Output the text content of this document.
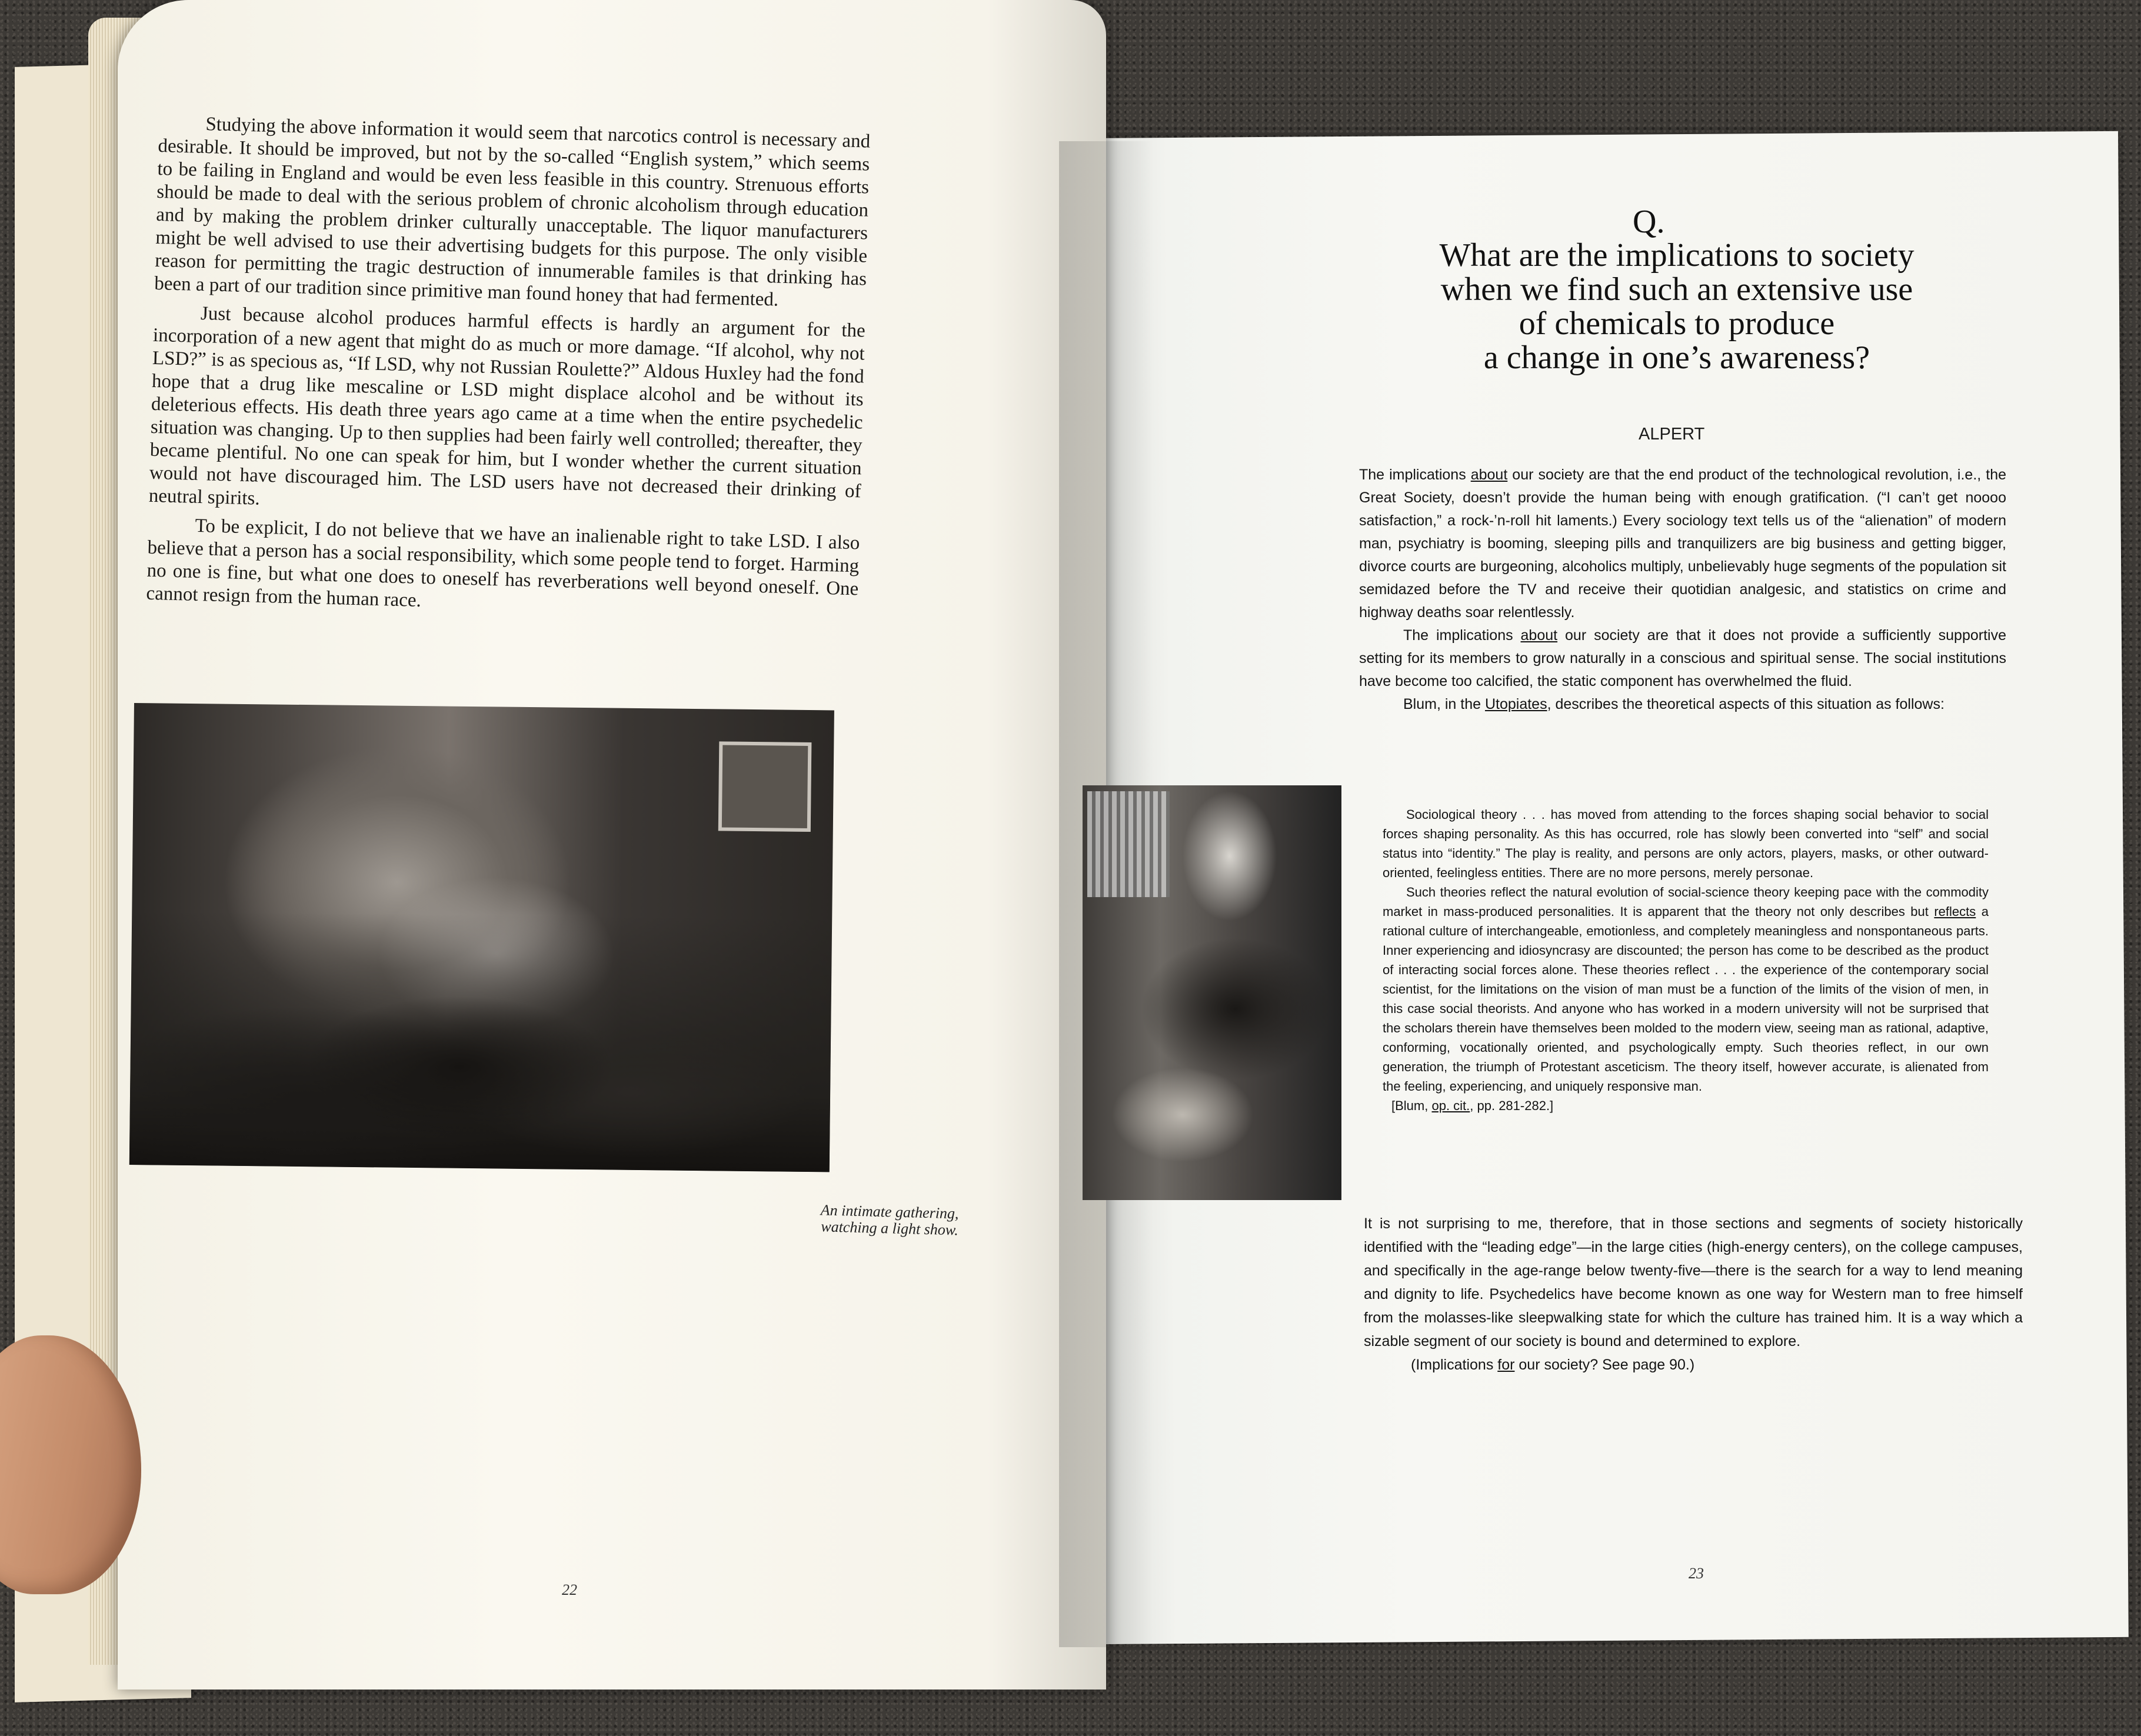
Studying the above information it would seem that narcotics control is necessary and desirable. It should be improved, but not by the so-called “English system,” which seems to be failing in England and would be even less feasible in this country. Strenuous efforts should be made to deal with the serious problem of chronic alcoholism through education and by making the problem drinker culturally unacceptable. The liquor manufacturers might be well advised to use their advertising budgets for this purpose. The only visible reason for permitting the tragic destruction of innumerable familes is that drinking has been a part of our tradition since primitive man found honey that had fermented.

Just because alcohol produces harmful effects is hardly an argument for the incorporation of a new agent that might do as much or more damage. “If alcohol, why not LSD?” is as specious as, “If LSD, why not Russian Roulette?” Aldous Huxley had the fond hope that a drug like mescaline or LSD might displace alcohol and be without its deleterious effects. His death three years ago came at a time when the entire psychedelic situation was changing. Up to then supplies had been fairly well controlled; thereafter, they became plentiful. No one can speak for him, but I wonder whether the current situation would not have discouraged him. The LSD users have not decreased their drinking of neutral spirits.

To be explicit, I do not believe that we have an inalienable right to take LSD. I also believe that a person has a social responsibility, which some people tend to forget. Harming no one is fine, but what one does to oneself has reverberations well beyond oneself. One cannot resign from the human race.

An intimate gathering,
watching a light show.
22
Q.
What are the implications to society
when we find such an extensive use
of chemicals to produce
a change in one’s awareness?
ALPERT

The implications about our society are that the end product of the technological revolution, i.e., the Great Society, doesn’t provide the human being with enough gratification. (“I can’t get noooo satisfaction,” a rock-’n-roll hit laments.) Every sociology text tells us of the “alienation” of modern man, psychiatry is booming, sleeping pills and tranquilizers are big business and getting bigger, divorce courts are burgeoning, alcoholics multiply, unbelievably huge segments of the population sit semidazed before the TV and receive their quotidian analgesic, and statistics on crime and highway deaths soar relentlessly.

The implications about our society are that it does not provide a sufficiently supportive setting for its members to grow naturally in a conscious and spiritual sense. The social institutions have become too calcified, the static component has overwhelmed the fluid.

Blum, in the Utopiates, describes the theoretical aspects of this situation as follows:

Sociological theory . . . has moved from attending to the forces shaping social behavior to social forces shaping personality. As this has occurred, role has slowly been converted into “self” and social status into “identity.” The play is reality, and persons are only actors, players, masks, or other outward-oriented, feelingless entities. There are no more persons, merely personae.

Such theories reflect the natural evolution of social-science theory keeping pace with the commodity market in mass-produced personalities. It is apparent that the theory not only describes but reflects a rational culture of interchangeable, emotionless, and completely meaningless and nonspontaneous parts. Inner experiencing and idiosyncrasy are discounted; the person has come to be described as the product of interacting social forces alone. These theories reflect . . . the experience of the contemporary social scientist, for the limitations on the vision of man must be a function of the limits of the vision of men, in this case social theorists. And anyone who has worked in a modern university will not be surprised that the scholars therein have themselves been molded to the modern view, seeing man as rational, adaptive, conforming, vocationally oriented, and psychologically empty. Such theories reflect, in our own generation, the triumph of Protestant asceticism. The theory itself, however accurate, is alienated from the feeling, experiencing, and uniquely responsive man.

[Blum, op. cit., pp. 281-282.]

It is not surprising to me, therefore, that in those sections and segments of society historically identified with the “leading edge”—in the large cities (high-energy centers), on the college campuses, and specifically in the age-range below twenty-five—there is the search for a way to lend meaning and dignity to life. Psychedelics have become known as one way for Western man to free himself from the molasses-like sleepwalking state for which the culture has trained him. It is a way which a sizable segment of our society is bound and determined to explore.

(Implications for our society? See page 90.)

23
